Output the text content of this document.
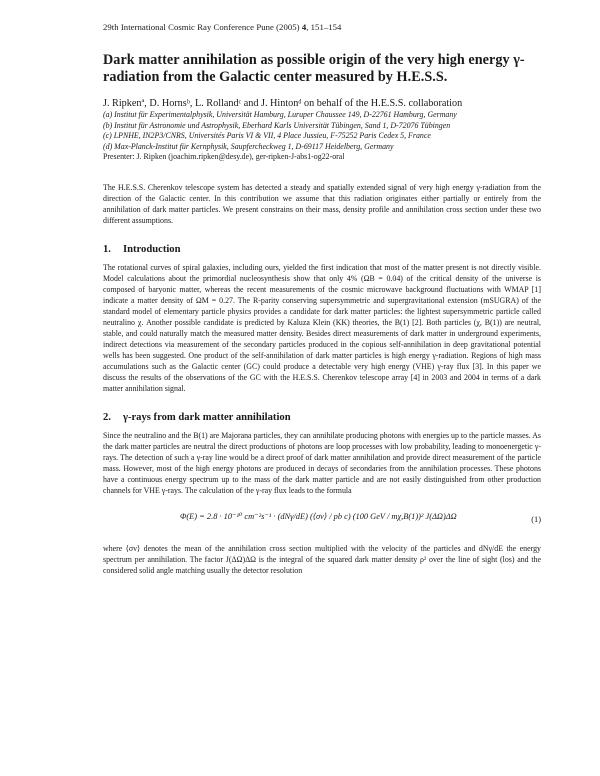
29th International Cosmic Ray Conference Pune (2005) 4, 151–154
Dark matter annihilation as possible origin of the very high energy γ-radiation from the Galactic center measured by H.E.S.S.
J. Ripkenª, D. Hornsᵇ, L. Rollandᶜ and J. Hintonᵈ on behalf of the H.E.S.S. collaboration
(a) Institut für Experimentalphysik, Universität Hamburg, Luruper Chaussee 149, D-22761 Hamburg, Germany
(b) Institut für Astronomie und Astrophysik, Eberhard Karls Universität Tübingen, Sand 1, D-72076 Tübingen
(c) LPNHE, IN2P3/CNRS, Universités Paris VI & VII, 4 Place Jussieu, F-75252 Paris Cedex 5, France
(d) Max-Planck-Institut für Kernphysik, Saupfercheckweg 1, D-69117 Heidelberg, Germany
Presenter: J. Ripken (joachim.ripken@desy.de), ger-ripken-J-abs1-og22-oral
The H.E.S.S. Cherenkov telescope system has detected a steady and spatially extended signal of very high energy γ-radiation from the direction of the Galactic center. In this contribution we assume that this radiation originates either partially or entirely from the annihilation of dark matter particles. We present constrains on their mass, density profile and annihilation cross section under these two different assumptions.
1. Introduction

The rotational curves of spiral galaxies, including ours, yielded the first indication that most of the matter present is not directly visible. Model calculations about the primordial nucleosynthesis show that only 4% (ΩB = 0.04) of the critical density of the universe is composed of baryonic matter, whereas the recent measurements of the cosmic microwave background fluctuations with WMAP [1] indicate a matter density of ΩM = 0.27. The R-parity conserving supersymmetric and supergravitational extension (mSUGRA) of the standard model of elementary particle physics provides a candidate for dark matter particles: the lightest supersymmetric particle called neutralino χ. Another possible candidate is predicted by Kaluza Klein (KK) theories, the B(1) [2]. Both particles (χ, B(1)) are neutral, stable, and could naturally match the measured matter density. Besides direct measurements of dark matter in underground experiments, indirect detections via measurement of the secondary particles produced in the copious self-annihilation in deep gravitational potential wells has been suggested. One product of the self-annihilation of dark matter particles is high energy γ-radiation. Regions of high mass accumulations such as the Galactic center (GC) could produce a detectable very high energy (VHE) γ-ray flux [3]. In this paper we discuss the results of the observations of the GC with the H.E.S.S. Cherenkov telescope array [4] in 2003 and 2004 in terms of a dark matter annihilation signal.

2. γ-rays from dark matter annihilation

Since the neutralino and the B(1) are Majorana particles, they can annihilate producing photons with energies up to the particle masses. As the dark matter particles are neutral the direct productions of photons are loop processes with low probability, leading to monoenergetic γ-rays. The detection of such a γ-ray line would be a direct proof of dark matter annihilation and provide direct measurement of the particle mass. However, most of the high energy photons are produced in decays of secondaries from the annihilation processes. These photons have a continuous energy spectrum up to the mass of the dark matter particle and are not easily distinguished from other production channels for VHE γ-rays. The calculation of the γ-ray flux leads to the formula

Φ(E) = 2.8 · 10⁻¹⁰ cm⁻²s⁻¹ · (dNγ/dE) (⟨σv⟩ / pb c) (100 GeV / mχ,B(1))² J(ΔΩ)ΔΩ	(1)

where ⟨σv⟩ denotes the mean of the annihilation cross section multiplied with the velocity of the particles and dNγ/dE the energy spectrum per annihilation. The factor J(ΔΩ)ΔΩ is the integral of the squared dark matter density ρ² over the line of sight (los) and the considered solid angle matching usually the detector resolution
